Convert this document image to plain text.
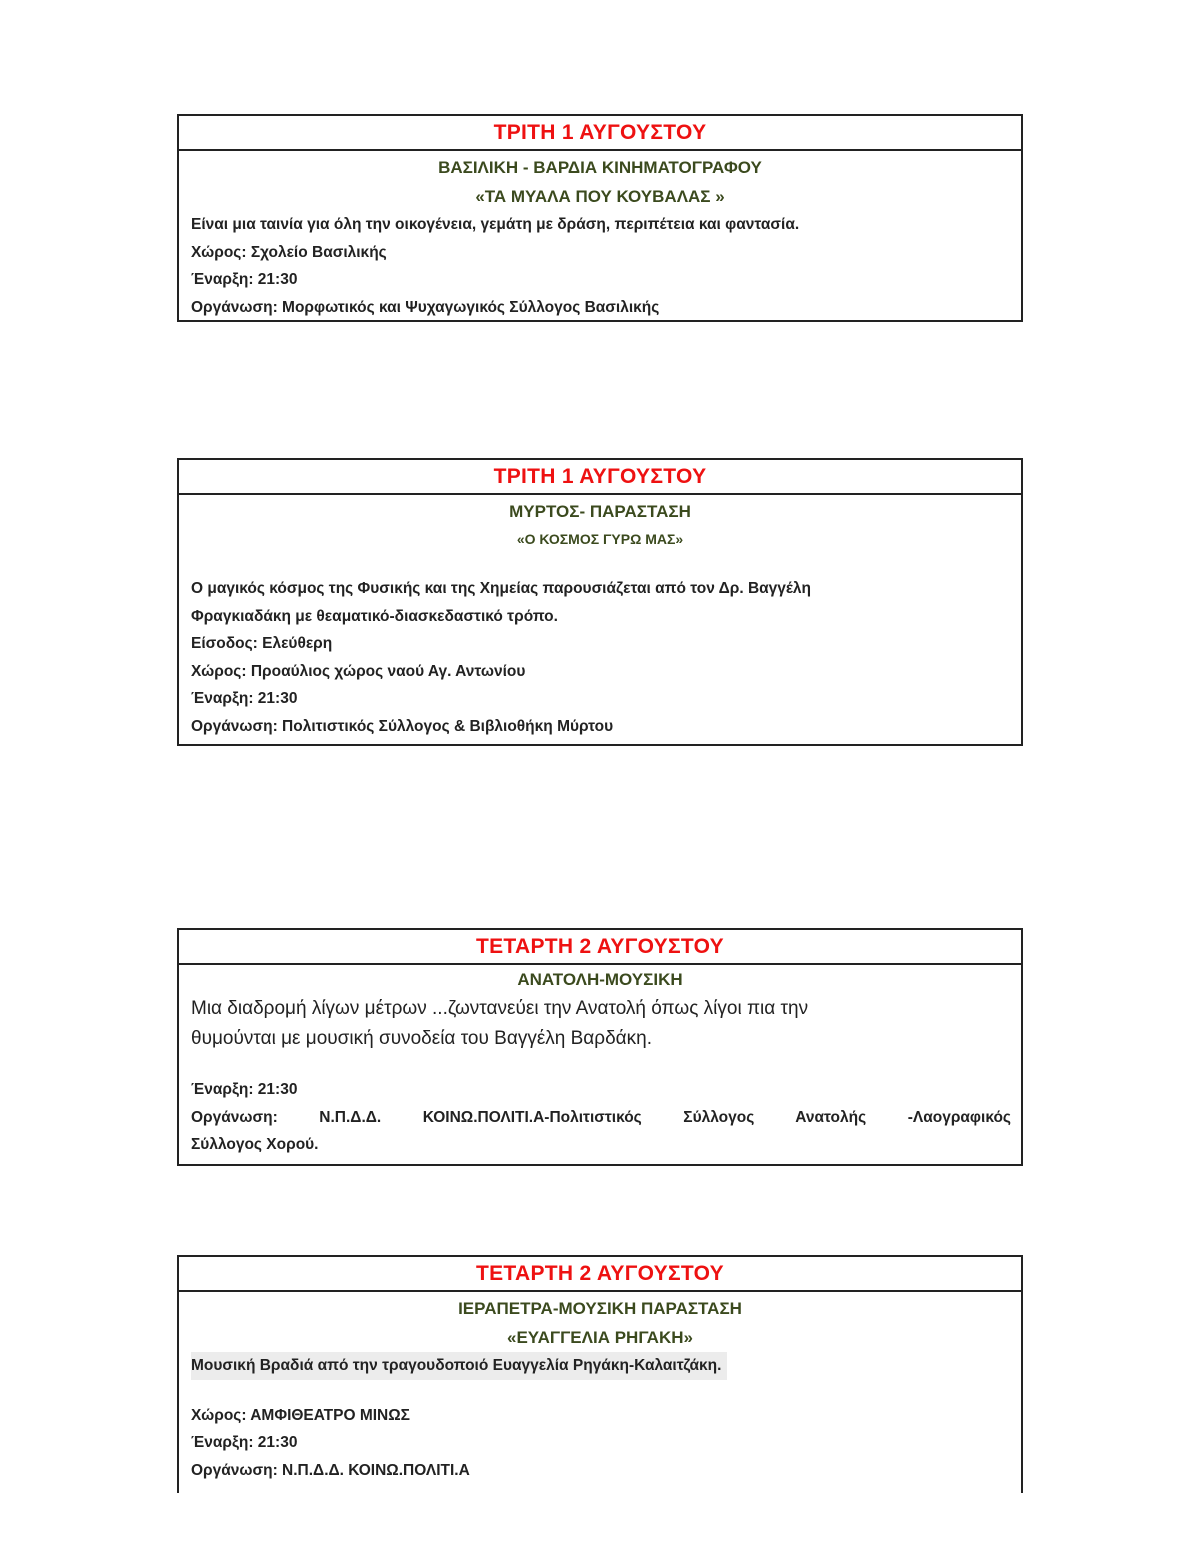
ΤΡΙΤΗ 1 ΑΥΓΟΥΣΤΟΥ
ΒΑΣΙΛΙΚΗ - ΒΑΡΔΙΑ ΚΙΝΗΜΑΤΟΓΡΑΦΟΥ
«ΤΑ ΜΥΑΛΑ ΠΟΥ ΚΟΥΒΑΛΑΣ »
Είναι μια ταινία για όλη την οικογένεια, γεμάτη με δράση, περιπέτεια και φαντασία.
Χώρος: Σχολείο Βασιλικής
Έναρξη: 21:30
Οργάνωση: Μορφωτικός και Ψυχαγωγικός Σύλλογος Βασιλικής
ΤΡΙΤΗ 1 ΑΥΓΟΥΣΤΟΥ
ΜΥΡΤΟΣ- ΠΑΡΑΣΤΑΣΗ
«Ο ΚΟΣΜΟΣ ΓΥΡΩ ΜΑΣ»
Ο μαγικός κόσμος της Φυσικής και της Χημείας παρουσιάζεται από τον Δρ. Βαγγέλη
Φραγκιαδάκη με θεαματικό-διασκεδαστικό τρόπο.
Είσοδος: Ελεύθερη
Χώρος: Προαύλιος χώρος ναού Αγ. Αντωνίου
Έναρξη: 21:30
Οργάνωση: Πολιτιστικός Σύλλογος & Βιβλιοθήκη Μύρτου
ΤΕΤΑΡΤΗ 2 ΑΥΓΟΥΣΤΟΥ
ΑΝΑΤΟΛΗ-ΜΟΥΣΙΚΗ
Μια διαδρομή λίγων μέτρων ...ζωντανεύει την Ανατολή όπως λίγοι πια την
θυμούνται με μουσική συνοδεία του Βαγγέλη Βαρδάκη.
Έναρξη: 21:30
Οργάνωση: Ν.Π.Δ.Δ. ΚΟΙΝΩ.ΠΟΛΙΤΙ.Α-Πολιτιστικός Σύλλογος Ανατολής -Λαογραφικός
Σύλλογος Χορού.
ΤΕΤΑΡΤΗ 2 ΑΥΓΟΥΣΤΟΥ
ΙΕΡΑΠΕΤΡΑ-ΜΟΥΣΙΚΗ ΠΑΡΑΣΤΑΣΗ
«ΕΥΑΓΓΕΛΙΑ ΡΗΓΑΚΗ»
Μουσική Βραδιά από την τραγουδοποιό Ευαγγελία Ρηγάκη-Καλαιτζάκη.
Χώρος: ΑΜΦΙΘΕΑΤΡΟ ΜΙΝΩΣ
Έναρξη: 21:30
Οργάνωση: Ν.Π.Δ.Δ. ΚΟΙΝΩ.ΠΟΛΙΤΙ.Α
